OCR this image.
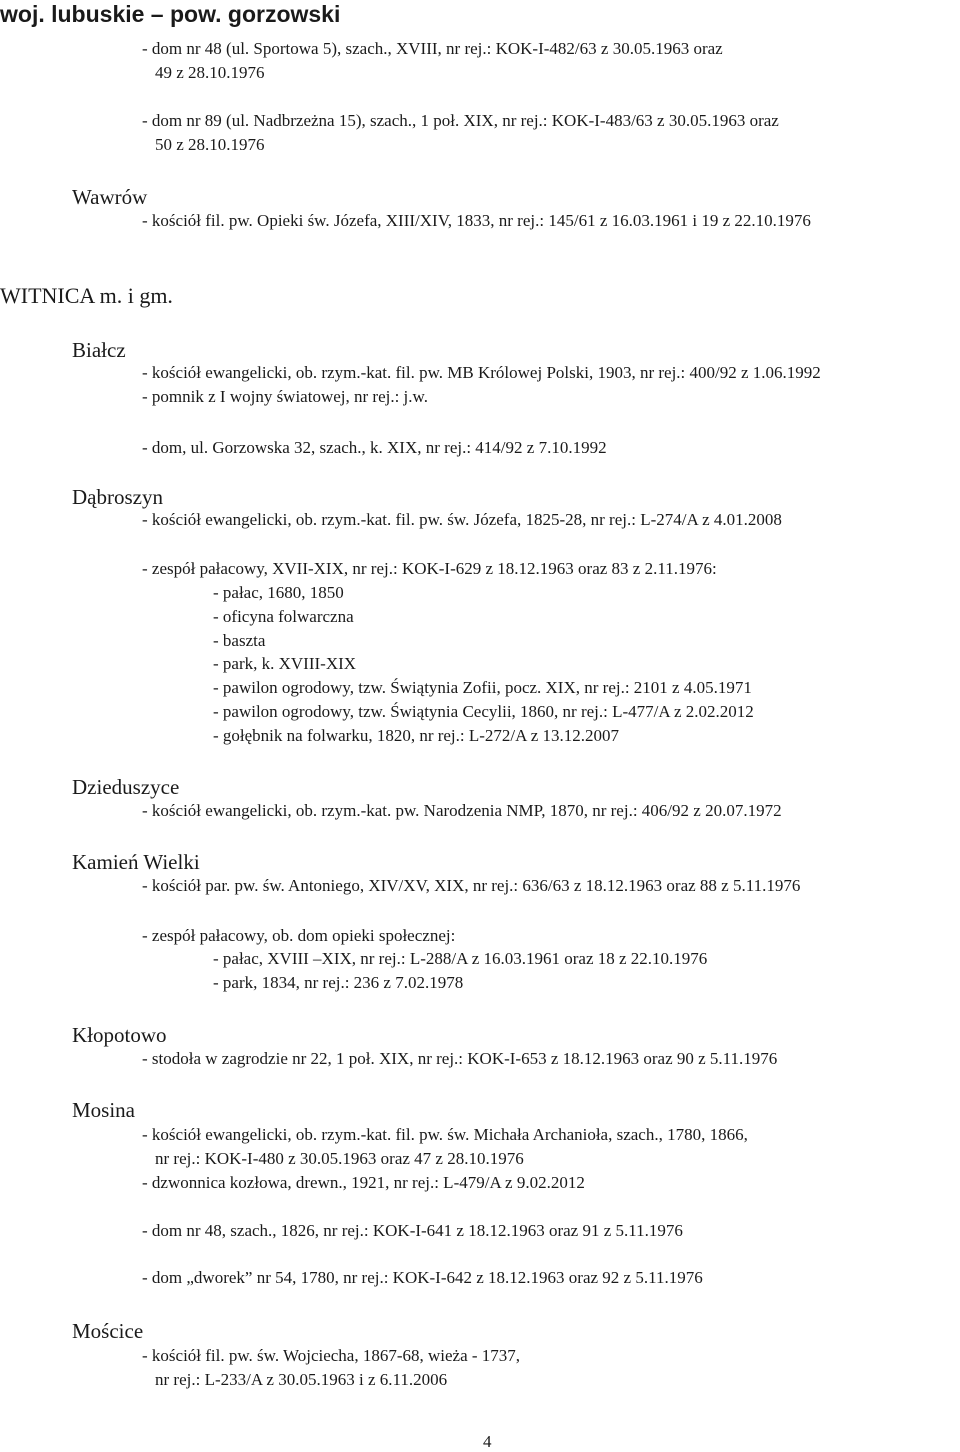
woj. lubuskie – pow. gorzowski
- dom nr 48 (ul. Sportowa 5), szach., XVIII, nr rej.: KOK-I-482/63 z 30.05.1963 oraz
49 z 28.10.1976
- dom nr 89 (ul. Nadbrzeżna 15), szach., 1 poł. XIX, nr rej.: KOK-I-483/63 z 30.05.1963 oraz
50 z 28.10.1976
Wawrów
- kościół fil. pw. Opieki św. Józefa, XIII/XIV, 1833, nr rej.: 145/61 z 16.03.1961 i 19 z 22.10.1976
WITNICA m. i gm.
Białcz
- kościół ewangelicki, ob. rzym.-kat. fil. pw. MB Królowej Polski, 1903, nr rej.: 400/92 z 1.06.1992
- pomnik z I wojny światowej, nr rej.: j.w.
- dom, ul. Gorzowska 32, szach., k. XIX, nr rej.: 414/92 z 7.10.1992
Dąbroszyn
- kościół ewangelicki, ob. rzym.-kat. fil. pw. św. Józefa, 1825-28, nr rej.: L-274/A z 4.01.2008
- zespół pałacowy, XVII-XIX, nr rej.: KOK-I-629 z 18.12.1963 oraz 83 z 2.11.1976:
- pałac, 1680, 1850
- oficyna folwarczna
- baszta
- park, k. XVIII-XIX
- pawilon ogrodowy, tzw. Świątynia Zofii, pocz. XIX, nr rej.: 2101 z 4.05.1971
- pawilon ogrodowy, tzw. Świątynia Cecylii, 1860, nr rej.: L-477/A z 2.02.2012
- gołębnik na folwarku, 1820, nr rej.: L-272/A z 13.12.2007
Dzieduszyce
- kościół ewangelicki, ob. rzym.-kat. pw. Narodzenia NMP, 1870, nr rej.: 406/92 z 20.07.1972
Kamień Wielki
- kościół par. pw. św. Antoniego, XIV/XV, XIX, nr rej.: 636/63 z 18.12.1963 oraz 88 z 5.11.1976
- zespół pałacowy, ob. dom opieki społecznej:
- pałac, XVIII –XIX, nr rej.: L-288/A z 16.03.1961 oraz 18 z 22.10.1976
- park, 1834, nr rej.: 236 z 7.02.1978
Kłopotowo
- stodoła w zagrodzie nr 22, 1 poł. XIX, nr rej.: KOK-I-653 z 18.12.1963 oraz 90 z 5.11.1976
Mosina
- kościół ewangelicki, ob. rzym.-kat. fil. pw. św. Michała Archanioła, szach., 1780, 1866,
nr rej.: KOK-I-480 z 30.05.1963 oraz 47 z 28.10.1976
- dzwonnica kozłowa, drewn., 1921, nr rej.: L-479/A z 9.02.2012
- dom nr 48, szach., 1826, nr rej.: KOK-I-641 z 18.12.1963 oraz 91 z 5.11.1976
- dom „dworek” nr 54, 1780, nr rej.: KOK-I-642 z 18.12.1963 oraz 92 z 5.11.1976
Mościce
- kościół fil. pw. św. Wojciecha, 1867-68, wieża - 1737,
nr rej.: L-233/A z 30.05.1963 i z 6.11.2006
4
